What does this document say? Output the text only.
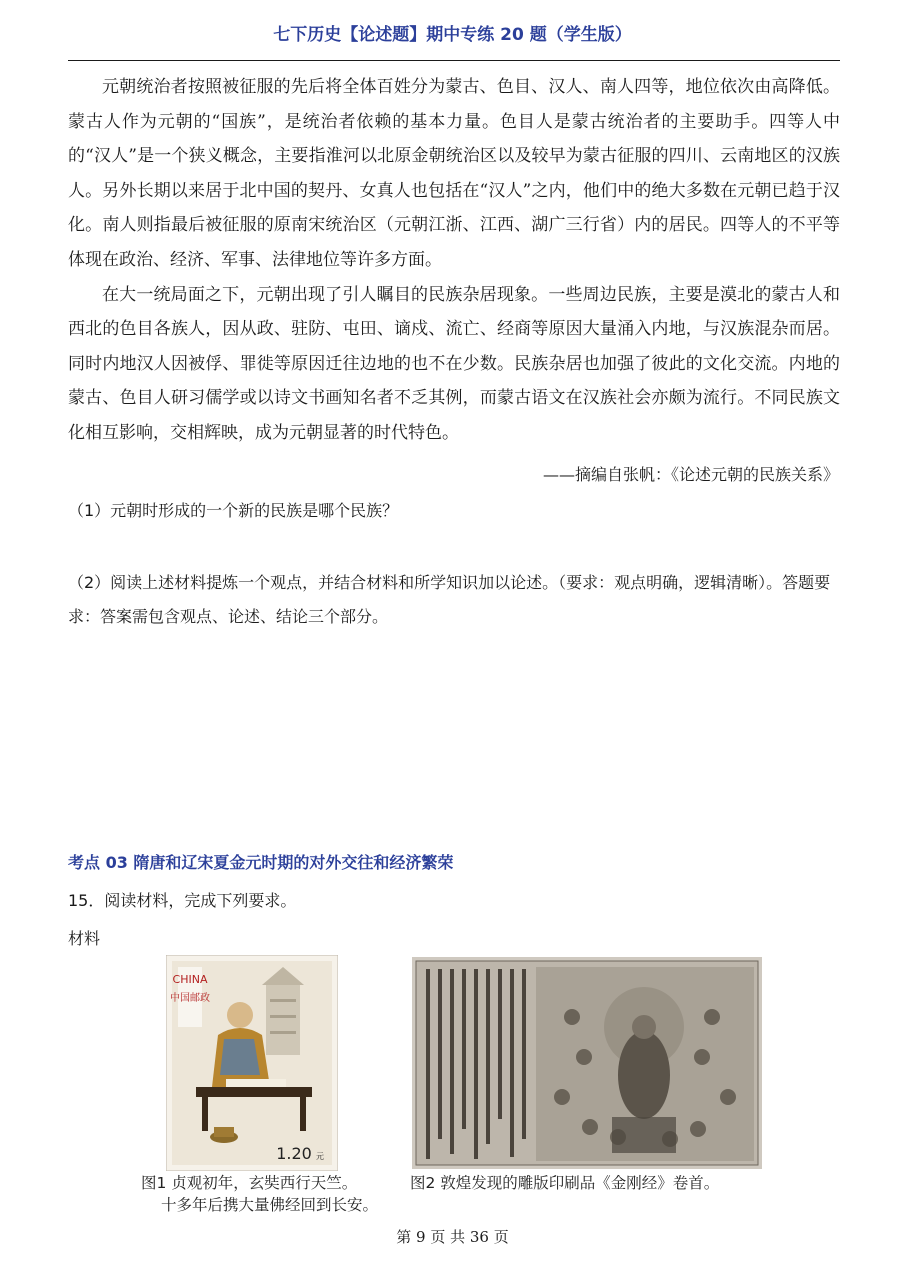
七下历史【论述题】期中专练 20 题（学生版）

元朝统治者按照被征服的先后将全体百姓分为蒙古、色目、汉人、南人四等，地位依次由高降低。蒙古人作为元朝的“国族”，是统治者依赖的基本力量。色目人是蒙古统治者的主要助手。四等人中的“汉人”是一个狭义概念，主要指淮河以北原金朝统治区以及较早为蒙古征服的四川、云南地区的汉族人。另外长期以来居于北中国的契丹、女真人也包括在“汉人”之内，他们中的绝大多数在元朝已趋于汉化。南人则指最后被征服的原南宋统治区（元朝江浙、江西、湖广三行省）内的居民。四等人的不平等体现在政治、经济、军事、法律地位等许多方面。

在大一统局面之下，元朝出现了引人瞩目的民族杂居现象。一些周边民族，主要是漠北的蒙古人和西北的色目各族人，因从政、驻防、屯田、谪戍、流亡、经商等原因大量涌入内地，与汉族混杂而居。同时内地汉人因被俘、罪徙等原因迁往边地的也不在少数。民族杂居也加强了彼此的文化交流。内地的蒙古、色目人研习儒学或以诗文书画知名者不乏其例，而蒙古语文在汉族社会亦颇为流行。不同民族文化相互影响，交相辉映，成为元朝显著的时代特色。

——摘编自张帆：《论述元朝的民族关系》
（1）元朝时形成的一个新的民族是哪个民族？
（2）阅读上述材料提炼一个观点，并结合材料和所学知识加以论述。（要求：观点明确，逻辑清晰）。答题要求：答案需包含观点、论述、结论三个部分。
考点 03 隋唐和辽宋夏金元时期的对外交往和经济繁荣
15．阅读材料，完成下列要求。
材料
CHINA
中国邮政
1.20 元
图1 贞观初年，玄奘西行天竺。
十多年后携大量佛经回到长安。
图2 敦煌发现的雕版印刷品《金刚经》卷首。
第 9 页 共 36 页
